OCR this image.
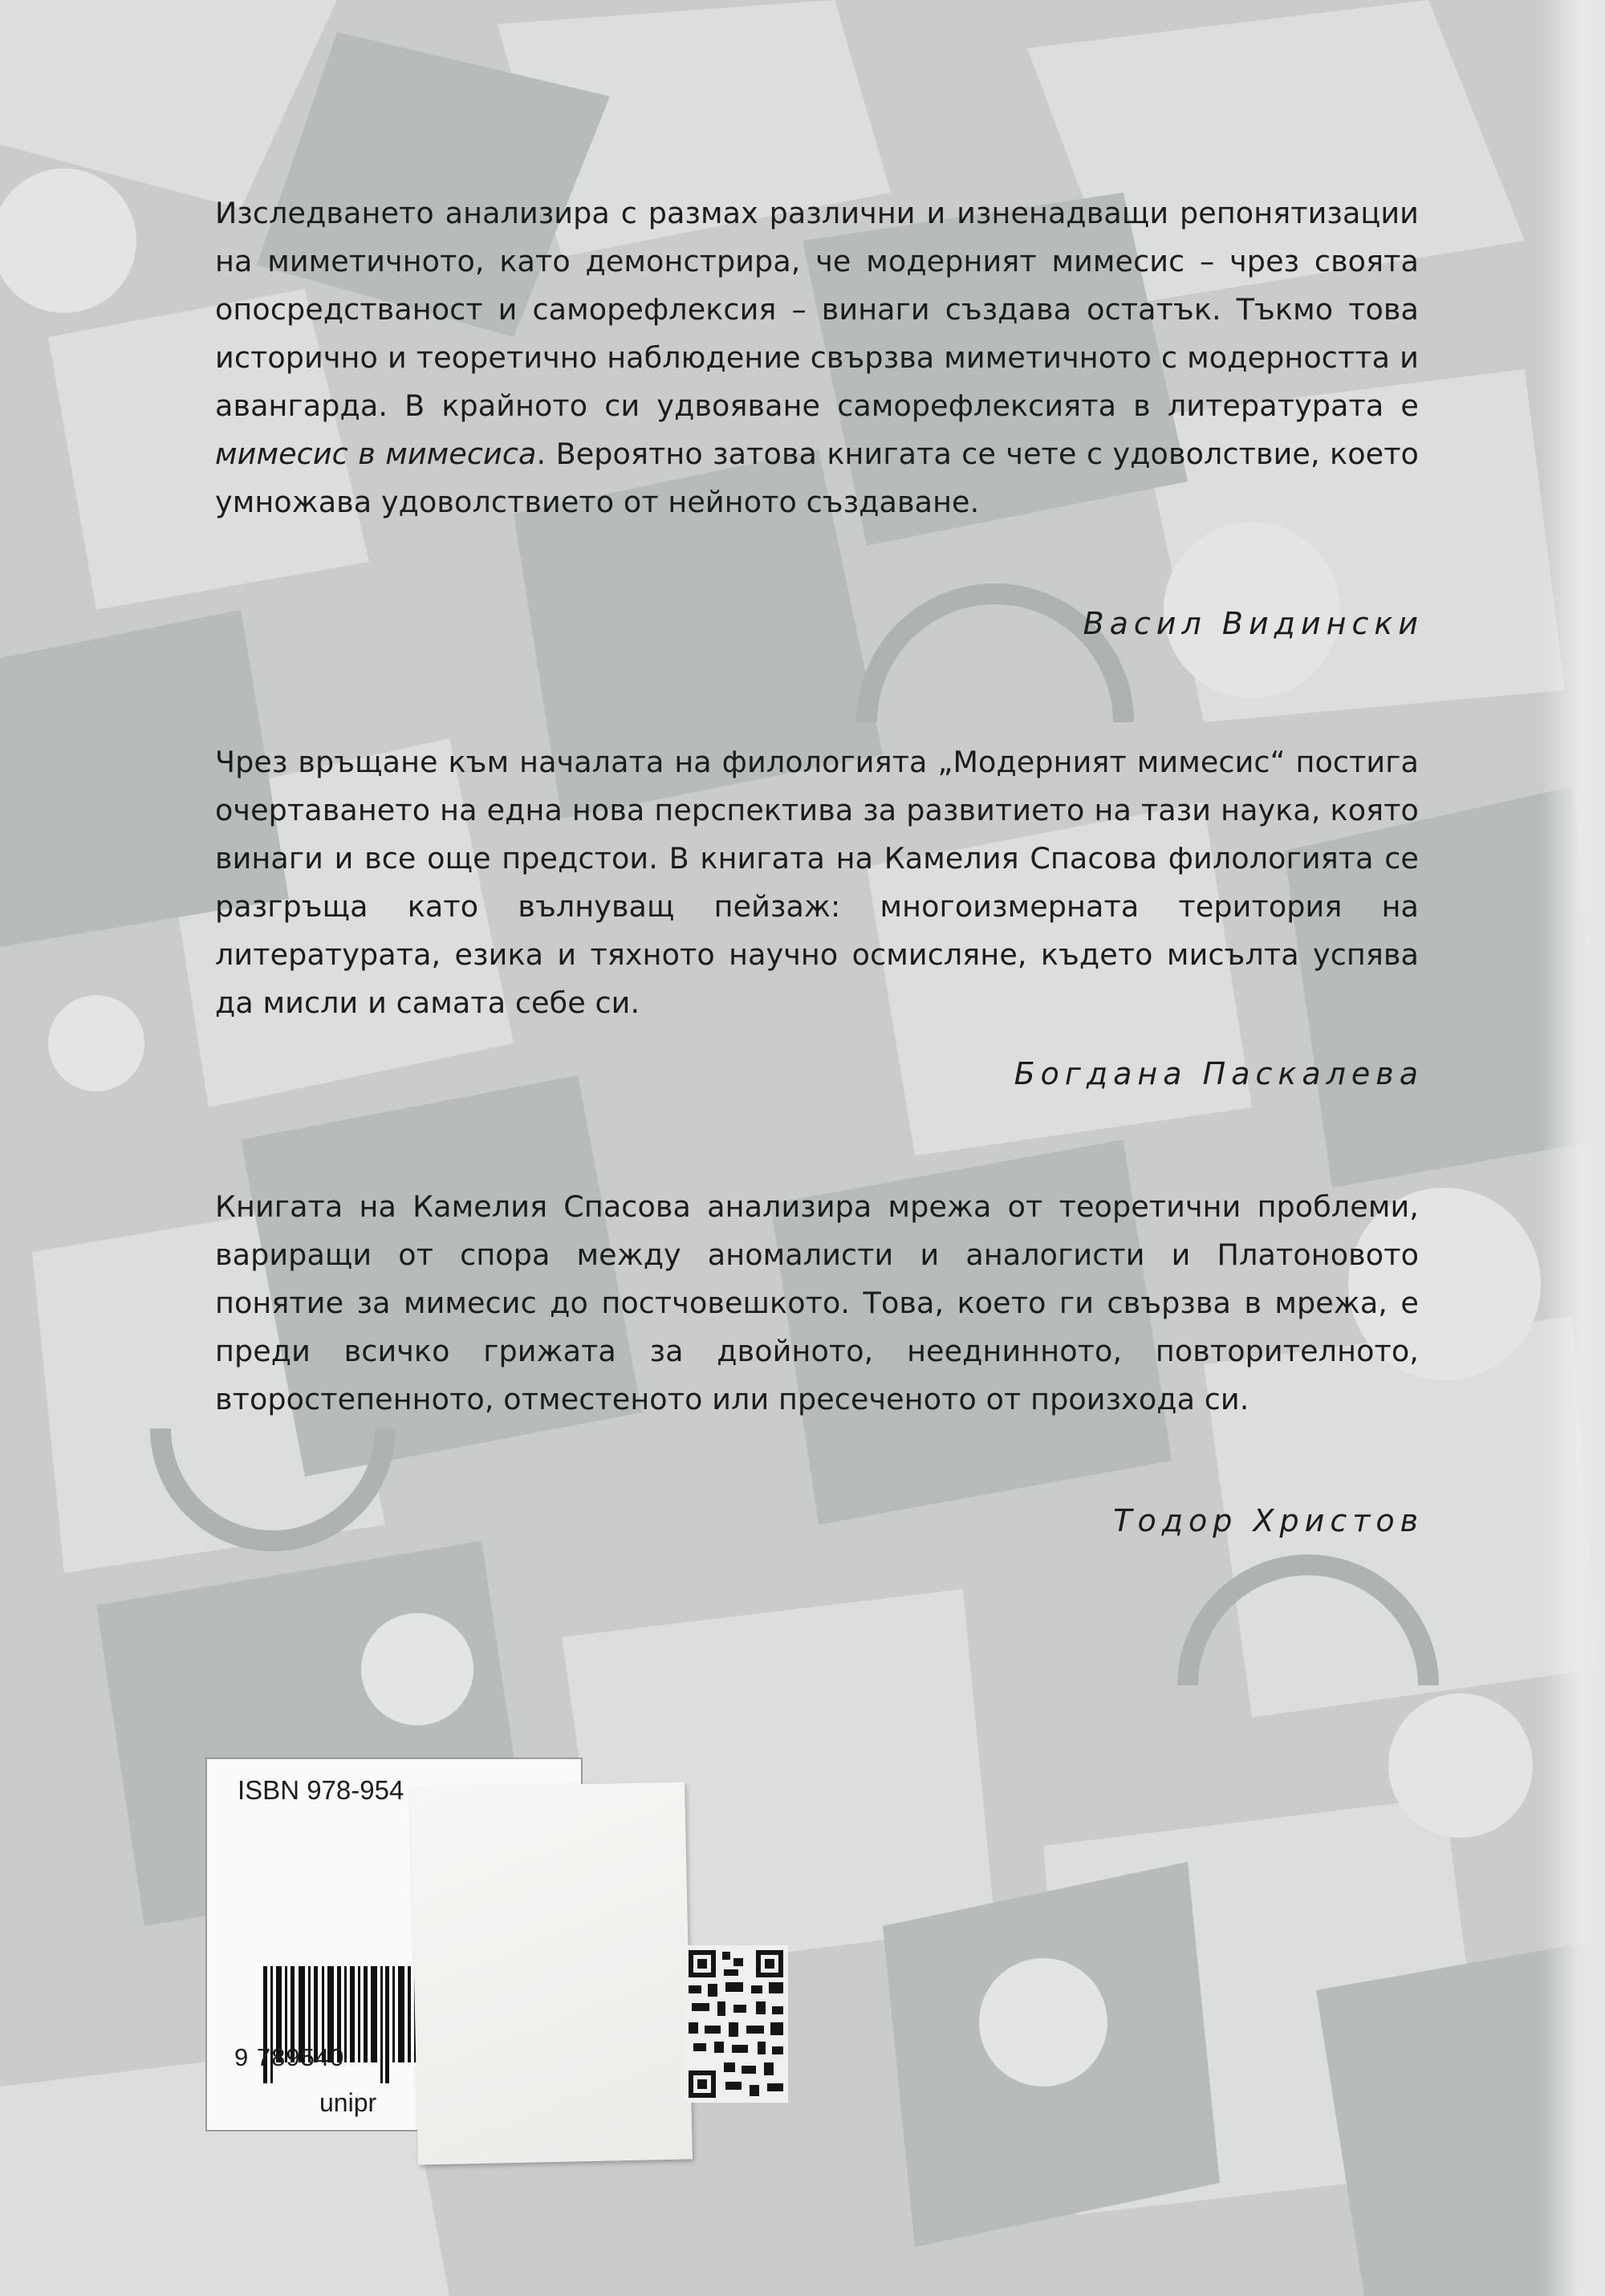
Изследването анализира с размах различни и изненадващи репонятизации на миметичното, като демонстрира, че модерният мимесис – чрез своята опосредстваност и саморефлексия – винаги създава остатък. Тъкмо това исторично и теоретично наблюдение свързва миметичното с модерността и авангарда. В крайното си удвояване саморефлексията в литературата е мимесис в мимесиса. Вероятно затова книгата се чете с удоволствие, което умножава удоволствието от нейното създаване.

Васил Видински

Чрез връщане към началата на филологията „Модерният мимесис“ постига очертаването на една нова перспектива за развитието на тази наука, която винаги и все още предстои. В книгата на Камелия Спасова филологията се разгръща като вълнуващ пейзаж: многоизмерната територия на литературата, езика и тяхното научно осмисляне, където мисълта успява да мисли и самата себе си.

Богдана Паскалева

Книгата на Камелия Спасова анализира мрежа от теоретични проблеми, вариращи от спора между аномалисти и аналогисти и Платоновото понятие за мимесис до постчовешкото. Това, което ги свързва в мрежа, е преди всичко грижата за двойното, нееднинното, повторителното, второстепенното, отместеното или пресеченото от произхода си.

Тодор Христов
ISBN 978-954
9 789540
unipr
